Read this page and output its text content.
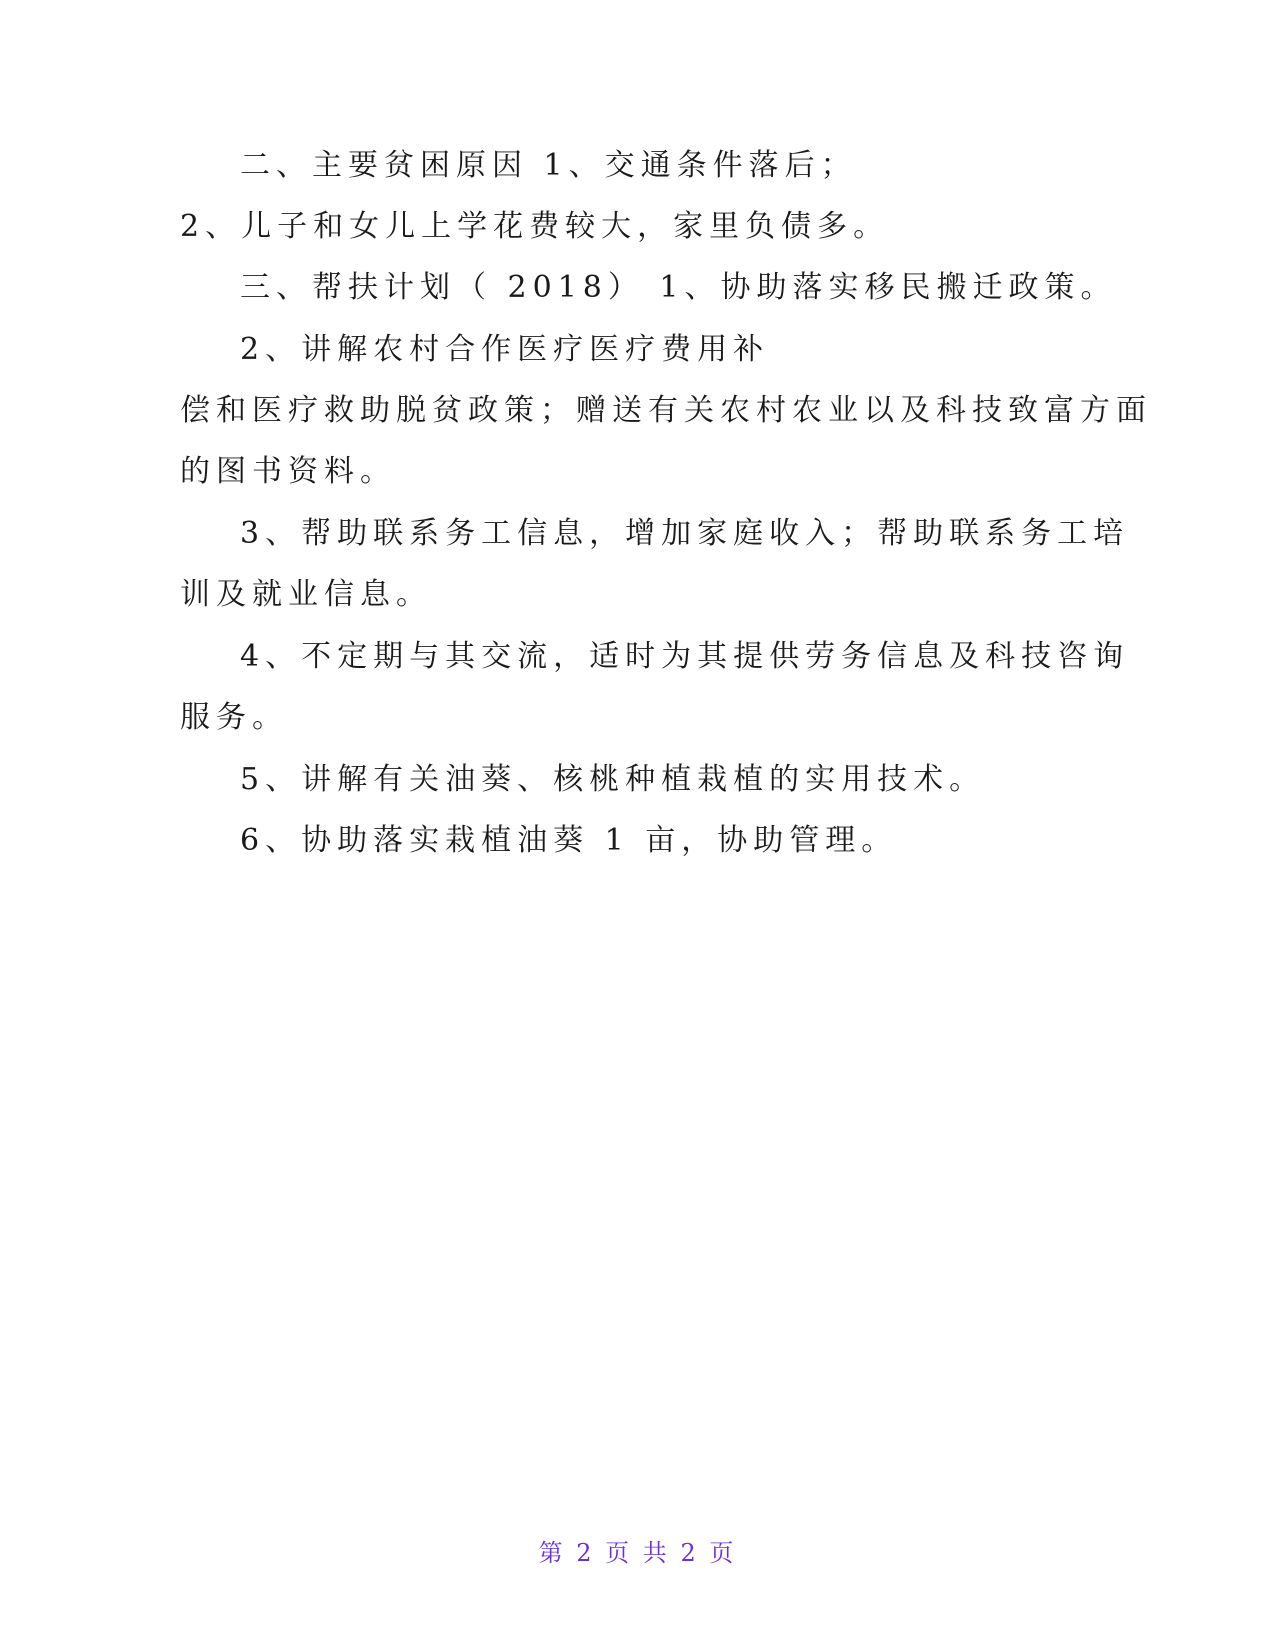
二、主要贫困原因 1、交通条件落后；
2、儿子和女儿上学花费较大，家里负债多。
三、帮扶计划（ 2018） 1、协助落实移民搬迁政策。
2、讲解农村合作医疗医疗费用补
偿和医疗救助脱贫政策；赠送有关农村农业以及科技致富方面
的图书资料。
3、帮助联系务工信息，增加家庭收入；帮助联系务工培
训及就业信息。
4、不定期与其交流，适时为其提供劳务信息及科技咨询
服务。
5、讲解有关油葵、核桃种植栽植的实用技术。
6、协助落实栽植油葵 1 亩，协助管理。
第 2 页 共 2 页
